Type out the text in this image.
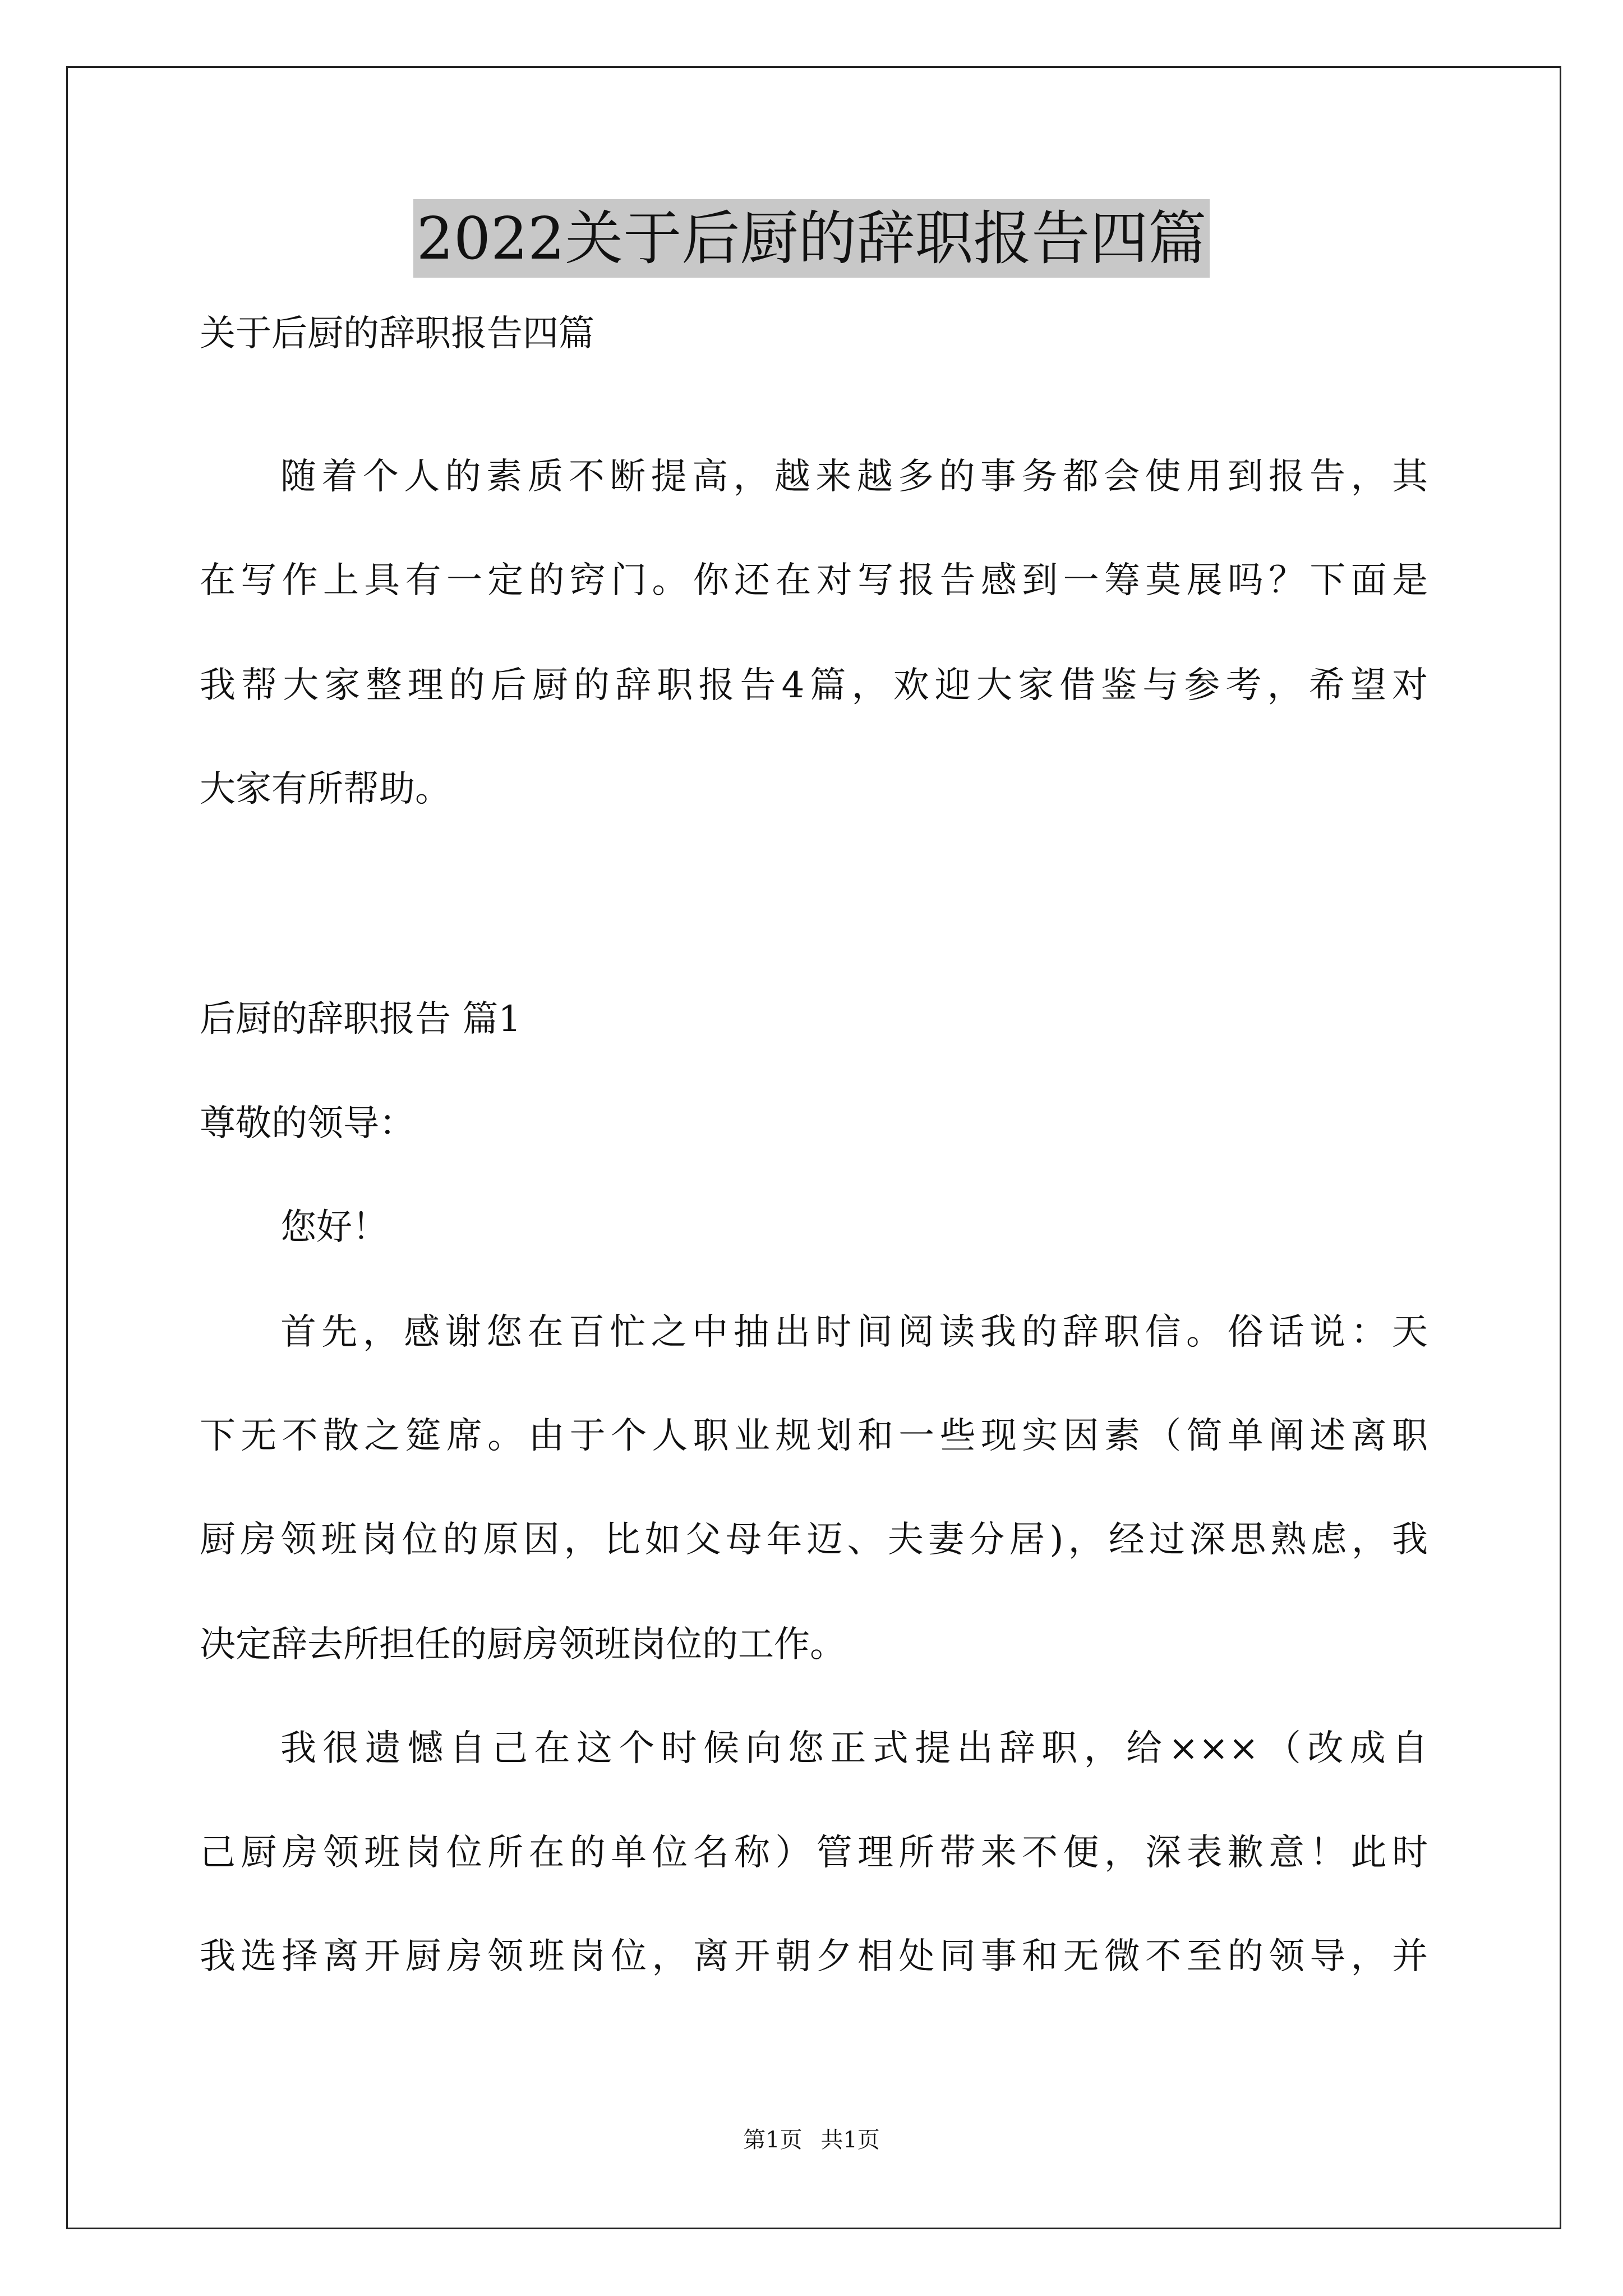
2022关于后厨的辞职报告四篇
关于后厨的辞职报告四篇
随着个人的素质不断提高，越来越多的事务都会使用到报告，其
在写作上具有一定的窍门。你还在对写报告感到一筹莫展吗？下面是
我帮大家整理的后厨的辞职报告4篇，欢迎大家借鉴与参考，希望对
大家有所帮助。
后厨的辞职报告 篇1
尊敬的领导：
您好！
首先，感谢您在百忙之中抽出时间阅读我的辞职信。俗话说：天
下无不散之筵席。由于个人职业规划和一些现实因素（简单阐述离职
厨房领班岗位的原因，比如父母年迈、夫妻分居)，经过深思熟虑，我
决定辞去所担任的厨房领班岗位的工作。
我很遗憾自己在这个时候向您正式提出辞职，给×××（改成自
己厨房领班岗位所在的单位名称）管理所带来不便，深表歉意！此时
我选择离开厨房领班岗位，离开朝夕相处同事和无微不至的领导，并
第1页 共1页
